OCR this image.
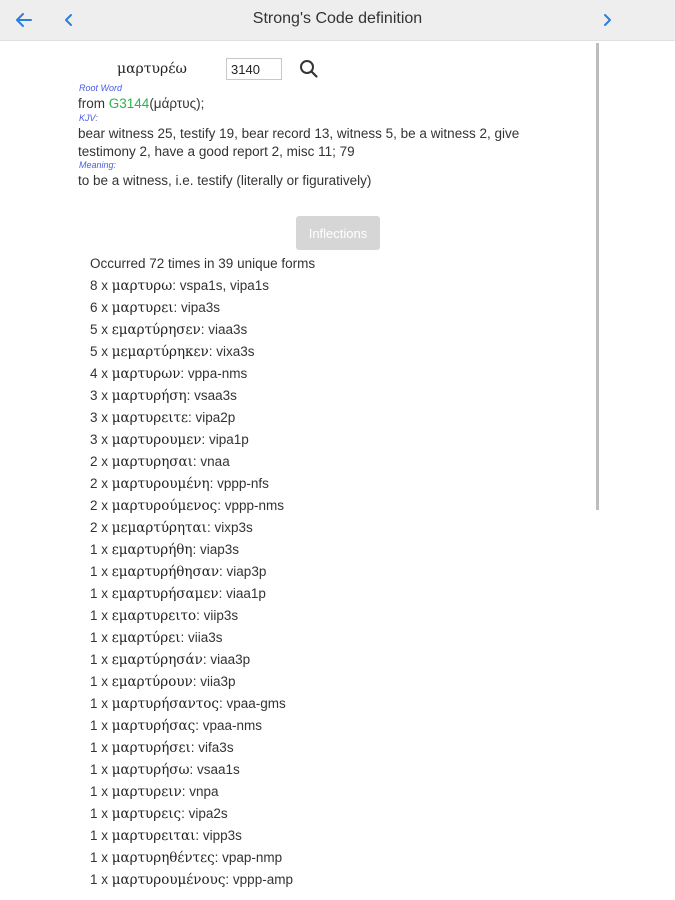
Strong's Code definition
μαρτυρέω
3140
Root Word
from G3144(μάρτυς);
KJV:
bear witness 25, testify 19, bear record 13, witness 5, be a witness 2, give testimony 2, have a good report 2, misc 11; 79
Meaning:
to be a witness, i.e. testify (literally or figuratively)
Inflections
Occurred 72 times in 39 unique forms
8 x μαρτυρω: vspa1s, vipa1s
6 x μαρτυρει: vipa3s
5 x εμαρτύρησεν: viaa3s
5 x μεμαρτύρηκεν: vixa3s
4 x μαρτυρων: vppa-nms
3 x μαρτυρήση: vsaa3s
3 x μαρτυρειτε: vipa2p
3 x μαρτυρουμεν: vipa1p
2 x μαρτυρησαι: vnaa
2 x μαρτυρουμένη: vppp-nfs
2 x μαρτυρούμενος: vppp-nms
2 x μεμαρτύρηται: vixp3s
1 x εμαρτυρήθη: viap3s
1 x εμαρτυρήθησαν: viap3p
1 x εμαρτυρήσαμεν: viaa1p
1 x εμαρτυρειτο: viip3s
1 x εμαρτύρει: viia3s
1 x εμαρτύρησάν: viaa3p
1 x εμαρτύρουν: viia3p
1 x μαρτυρήσαντος: vpaa-gms
1 x μαρτυρήσας: vpaa-nms
1 x μαρτυρήσει: vifa3s
1 x μαρτυρήσω: vsaa1s
1 x μαρτυρειν: vnpa
1 x μαρτυρεις: vipa2s
1 x μαρτυρειται: vipp3s
1 x μαρτυρηθέντες: vpap-nmp
1 x μαρτυρουμένους: vppp-amp
